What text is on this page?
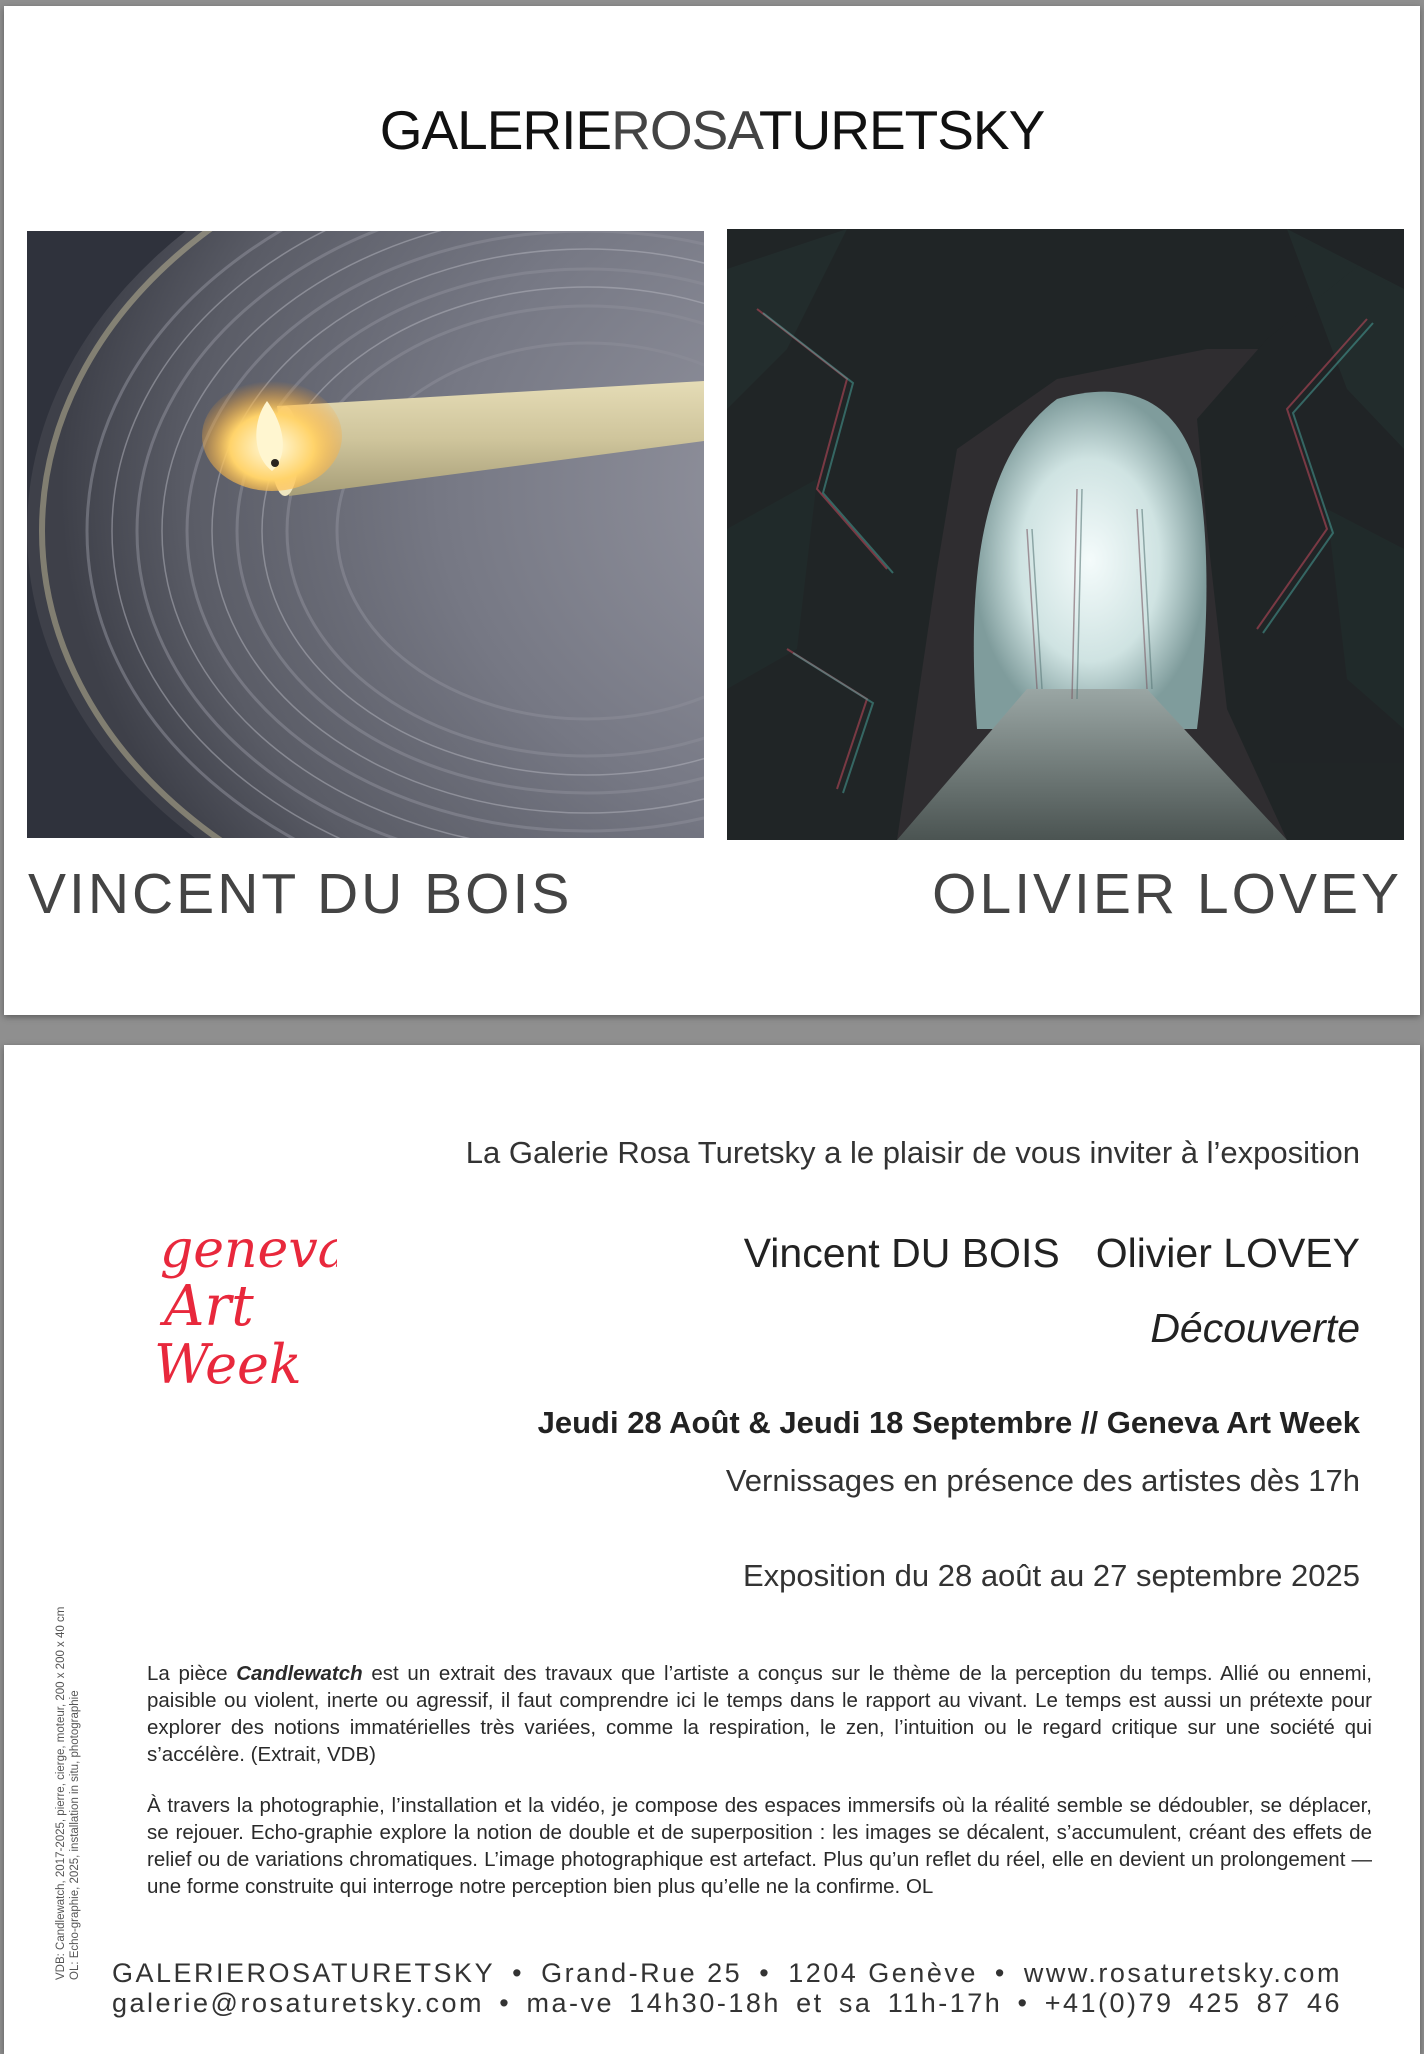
GALERIEROSATURETSKY
VINCENT DU BOIS	OLIVIER LOVEY
La Galerie Rosa Turetsky a le plaisir de vous inviter à l’exposition
Vincent DU BOIS Olivier LOVEY
Découverte
geneva
Art
Week
Jeudi 28 Août & Jeudi 18 Septembre // Geneva Art Week
Vernissages en présence des artistes dès 17h
Exposition du 28 août au 27 septembre 2025
La pièce Candlewatch est un extrait des travaux que l’artiste a conçus sur le thème de la perception du temps. Allié ou ennemi, paisible ou violent, inerte ou agressif, il faut comprendre ici le temps dans le rapport au vivant. Le temps est aussi un prétexte pour explorer des notions immatérielles très variées, comme la respiration, le zen, l’intuition ou le regard critique sur une société qui s’accélère. (Extrait, VDB)
À travers la photographie, l’installation et la vidéo, je compose des espaces immersifs où la réalité semble se dédoubler, se déplacer, se rejouer. Echo-graphie explore la notion de double et de superposition : les images se décalent, s’accumulent, créant des effets de relief ou de variations chromatiques. L’image photographique est artefact. Plus qu’un reflet du réel, elle en devient un prolongement — une forme construite qui interroge notre perception bien plus qu’elle ne la confirme. OL
VDB: Candlewatch, 2017-2025, pierre, cierge, moteur, 200 x 200 x 40 cm OL: Echo-graphie, 2025, installation in situ, photographie GALERIEROSATURETSKY • Grand-Rue 25 • 1204 Genève • www.rosaturetsky.com
galerie@rosaturetsky.com • ma-ve 14h30-18h et sa 11h-17h • +41(0)79 425 87 46
